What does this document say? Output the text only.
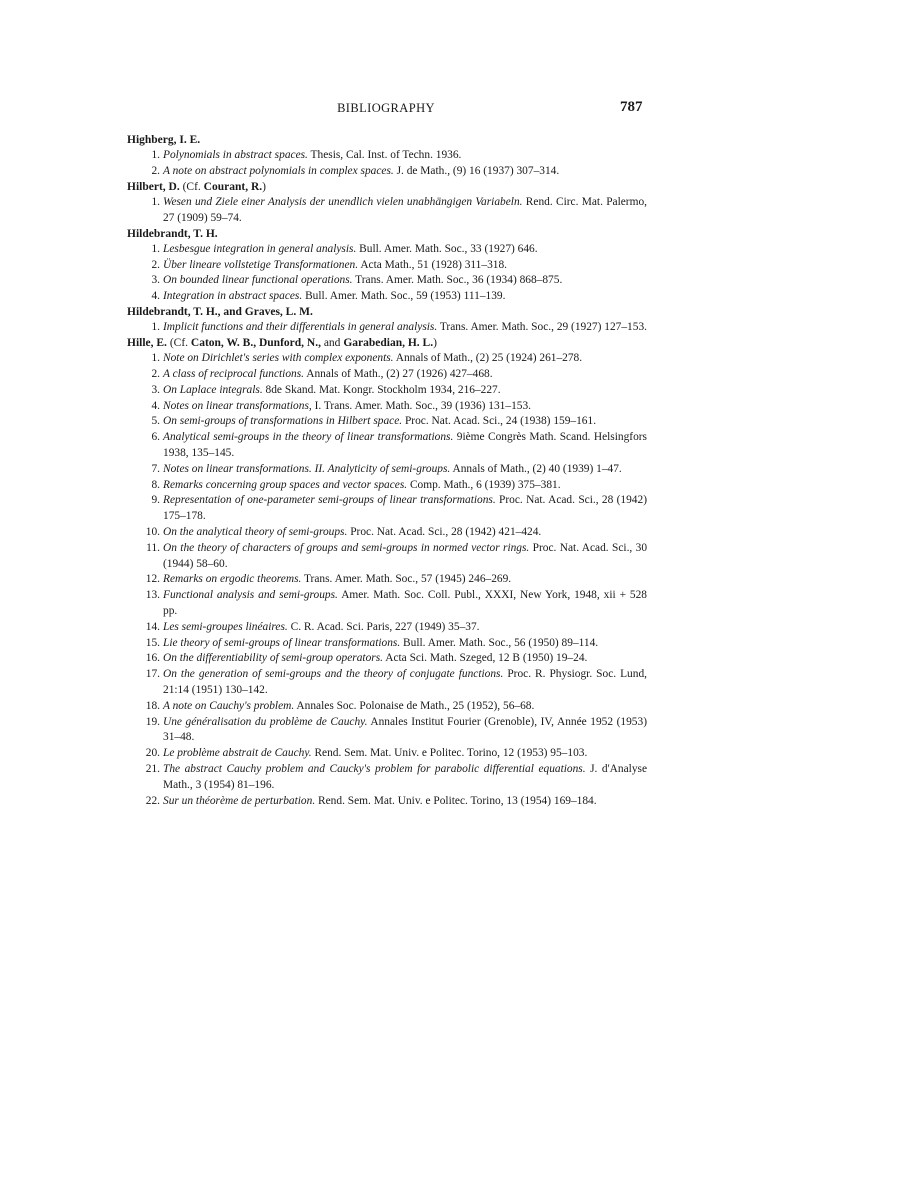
BIBLIOGRAPHY	787
Highberg, I. E.
1. Polynomials in abstract spaces. Thesis, Cal. Inst. of Techn. 1936.
2. A note on abstract polynomials in complex spaces. J. de Math., (9) 16 (1937) 307–314.
Hilbert, D. (Cf. Courant, R.)
1. Wesen und Ziele einer Analysis der unendlich vielen unabhängigen Variabeln. Rend. Circ. Mat. Palermo, 27 (1909) 59–74.
Hildebrandt, T. H.
1. Lesbesgue integration in general analysis. Bull. Amer. Math. Soc., 33 (1927) 646.
2. Über lineare vollstetige Transformationen. Acta Math., 51 (1928) 311–318.
3. On bounded linear functional operations. Trans. Amer. Math. Soc., 36 (1934) 868–875.
4. Integration in abstract spaces. Bull. Amer. Math. Soc., 59 (1953) 111–139.
Hildebrandt, T. H., and Graves, L. M.
1. Implicit functions and their differentials in general analysis. Trans. Amer. Math. Soc., 29 (1927) 127–153.
Hille, E. (Cf. Caton, W. B., Dunford, N., and Garabedian, H. L.)
1. Note on Dirichlet's series with complex exponents. Annals of Math., (2) 25 (1924) 261–278.
2. A class of reciprocal functions. Annals of Math., (2) 27 (1926) 427–468.
3. On Laplace integrals. 8de Skand. Mat. Kongr. Stockholm 1934, 216–227.
4. Notes on linear transformations, I. Trans. Amer. Math. Soc., 39 (1936) 131–153.
5. On semi-groups of transformations in Hilbert space. Proc. Nat. Acad. Sci., 24 (1938) 159–161.
6. Analytical semi-groups in the theory of linear transformations. 9ième Congrès Math. Scand. Helsingfors 1938, 135–145.
7. Notes on linear transformations. II. Analyticity of semi-groups. Annals of Math., (2) 40 (1939) 1–47.
8. Remarks concerning group spaces and vector spaces. Comp. Math., 6 (1939) 375–381.
9. Representation of one-parameter semi-groups of linear transformations. Proc. Nat. Acad. Sci., 28 (1942) 175–178.
10. On the analytical theory of semi-groups. Proc. Nat. Acad. Sci., 28 (1942) 421–424.
11. On the theory of characters of groups and semi-groups in normed vector rings. Proc. Nat. Acad. Sci., 30 (1944) 58–60.
12. Remarks on ergodic theorems. Trans. Amer. Math. Soc., 57 (1945) 246–269.
13. Functional analysis and semi-groups. Amer. Math. Soc. Coll. Publ., XXXI, New York, 1948, xii + 528 pp.
14. Les semi-groupes linéaires. C. R. Acad. Sci. Paris, 227 (1949) 35–37.
15. Lie theory of semi-groups of linear transformations. Bull. Amer. Math. Soc., 56 (1950) 89–114.
16. On the differentiability of semi-group operators. Acta Sci. Math. Szeged, 12 B (1950) 19–24.
17. On the generation of semi-groups and the theory of conjugate functions. Proc. R. Physiogr. Soc. Lund, 21:14 (1951) 130–142.
18. A note on Cauchy's problem. Annales Soc. Polonaise de Math., 25 (1952), 56–68.
19. Une généralisation du problème de Cauchy. Annales Institut Fourier (Grenoble), IV, Année 1952 (1953) 31–48.
20. Le problème abstrait de Cauchy. Rend. Sem. Mat. Univ. e Politec. Torino, 12 (1953) 95–103.
21. The abstract Cauchy problem and Caucky's problem for parabolic differential equations. J. d'Analyse Math., 3 (1954) 81–196.
22. Sur un théorème de perturbation. Rend. Sem. Mat. Univ. e Politec. Torino, 13 (1954) 169–184.
